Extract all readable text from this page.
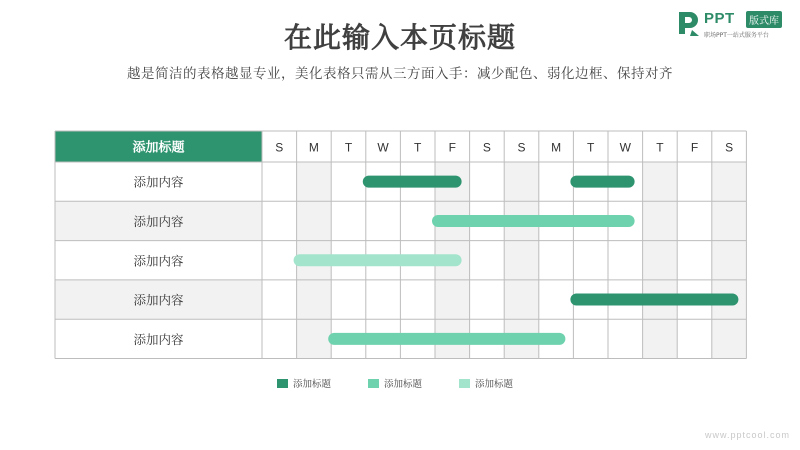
在此输入本页标题
越是简洁的表格越显专业，美化表格只需从三方面入手：减少配色、弱化边框、保持对齐
PPT	版式库
职场PPT一站式服务平台
添加标题	S M T W T F S S M T W T F S
添加内容
添加内容
添加内容
添加内容
添加内容
添加标题	添加标题	添加标题
www.pptcool.com
